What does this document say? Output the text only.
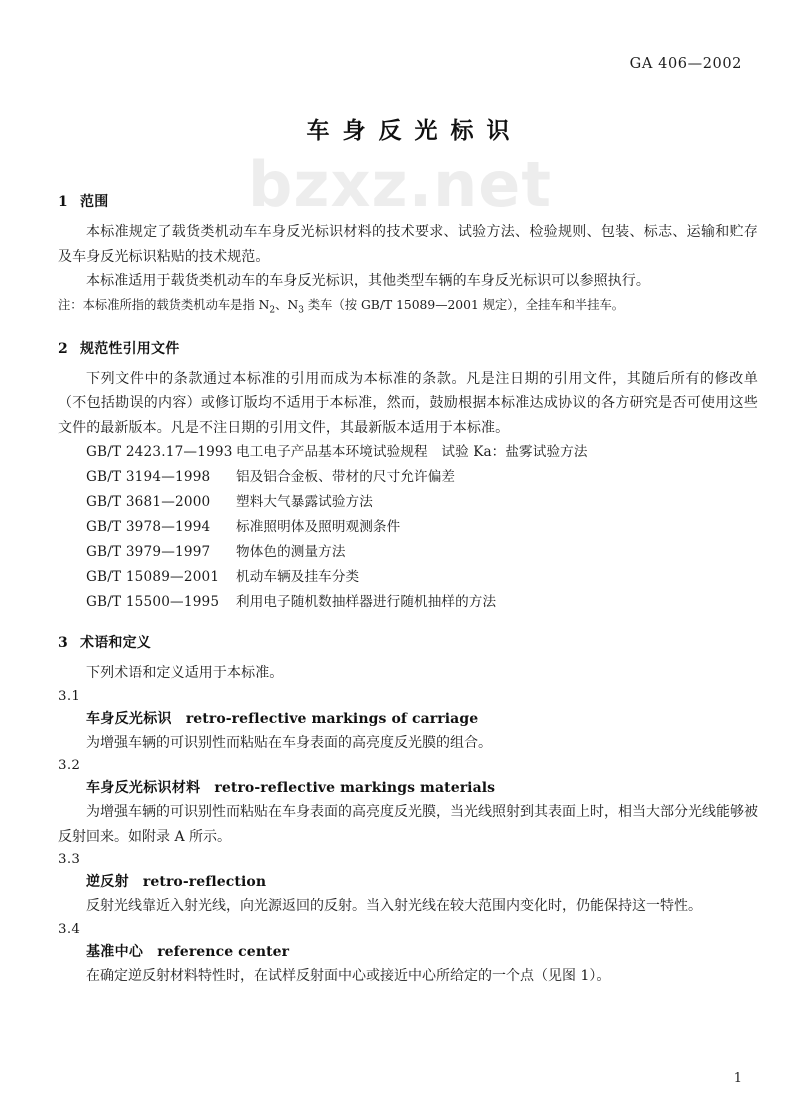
bzxz.net
GA 406—2002
车身反光标识

1 范围

本标准规定了载货类机动车车身反光标识材料的技术要求、试验方法、检验规则、包装、标志、运输和贮存及车身反光标识粘贴的技术规范。

本标准适用于载货类机动车的车身反光标识，其他类型车辆的车身反光标识可以参照执行。

注：本标准所指的载货类机动车是指 $N_2$、$N_3$ 类车（按 GB/T 15089—2001 规定），全挂车和半挂车。

2 规范性引用文件

下列文件中的条款通过本标准的引用而成为本标准的条款。凡是注日期的引用文件，其随后所有的修改单（不包括勘误的内容）或修订版均不适用于本标准，然而，鼓励根据本标准达成协议的各方研究是否可使用这些文件的最新版本。凡是不注日期的引用文件，其最新版本适用于本标准。

GB/T 2423.17—1993 电工电子产品基本环境试验规程　试验 Ka：盐雾试验方法
GB/T 3194—1998 铝及铝合金板、带材的尺寸允许偏差
GB/T 3681—2000 塑料大气暴露试验方法
GB/T 3978—1994 标准照明体及照明观测条件
GB/T 3979—1997 物体色的测量方法
GB/T 15089—2001 机动车辆及挂车分类
GB/T 15500—1995 利用电子随机数抽样器进行随机抽样的方法

3 术语和定义

下列术语和定义适用于本标准。

3.1

车身反光标识 retro-reflective markings of carriage

为增强车辆的可识别性而粘贴在车身表面的高亮度反光膜的组合。

3.2

车身反光标识材料 retro-reflective markings materials

为增强车辆的可识别性而粘贴在车身表面的高亮度反光膜，当光线照射到其表面上时，相当大部分光线能够被反射回来。如附录 A 所示。

3.3

逆反射 retro-reflection

反射光线靠近入射光线，向光源返回的反射。当入射光线在较大范围内变化时，仍能保持这一特性。

3.4

基准中心 reference center

在确定逆反射材料特性时，在试样反射面中心或接近中心所给定的一个点（见图 1）。

1
